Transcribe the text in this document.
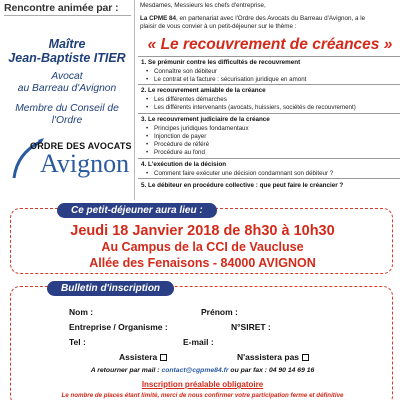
Rencontre animée par :
Maître
Jean-Baptiste ITIER
Avocat
au Barreau d'Avignon
Membre du Conseil de
l'Ordre
ORDRE DES AVOCATS
Avignon
Mesdames, Messieurs les chefs d'entreprise,
La CPME 84, en partenariat avec l'Ordre des Avocats du Barreau d'Avignon, a le
plaisir de vous convier à un petit-déjeuner sur le thème :
« Le recouvrement de créances »
1. Se prémunir contre les difficultés de recouvrement
• Connaître son débiteur
• Le contrat et la facture : sécurisation juridique en amont
2. Le recouvrement amiable de la créance
• Les différentes démarches
• Les différents intervenants (avocats, huissiers, sociétés de recouvrement)
3. Le recouvrement judiciaire de la créance
• Principes juridiques fondamentaux
• Injonction de payer
• Procédure de référé
• Procédure au fond
4. L'exécution de la décision
• Comment faire exécuter une décision condamnant son débiteur ?
5. Le débiteur en procédure collective : que peut faire le créancier ?
Ce petit-déjeuner aura lieu :
Jeudi 18 Janvier 2018 de 8h30 à 10h30
Au Campus de la CCI de Vaucluse
Allée des Fenaisons - 84000 AVIGNON
Bulletin d'inscription
Nom :	Prénom :
Entreprise / Organisme :	N°SIRET :
Tel :	E-mail :
Assistera	N'assistera pas
A retourner par mail : contact@cgpme84.fr ou par fax : 04 90 14 69 16
Inscription préalable obligatoire
Le nombre de places étant limité, merci de nous confirmer votre participation ferme et définitive
